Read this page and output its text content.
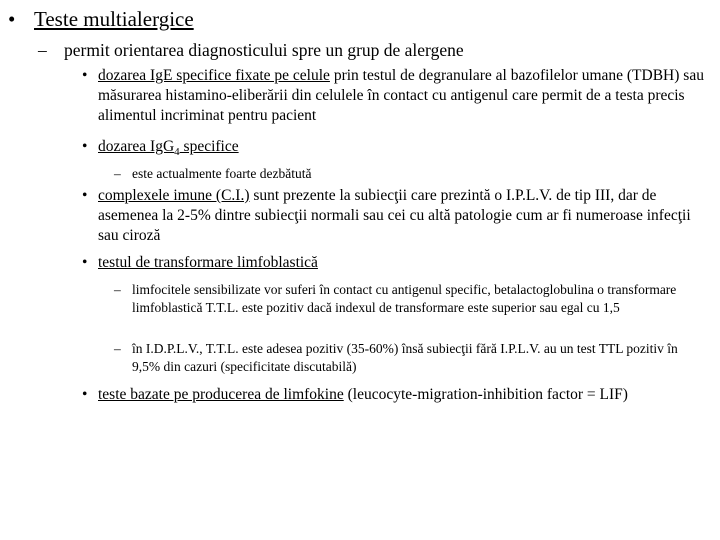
• Teste multialergice
– permit orientarea diagnosticului spre un grup de alergene
• dozarea IgE specifice fixate pe celule prin testul de degranulare al bazofilelor umane (TDBH) sau măsurarea histamino-eliberării din celulele în contact cu antigenul care permit de a testa precis alimentul incriminat pentru pacient
• dozarea IgG$_4$ specifice
– este actualmente foarte dezbătută
• complexele imune (C.I.) sunt prezente la subiecţii care prezintă o I.P.L.V. de tip III, dar de asemenea la 2-5% dintre subiecţii normali sau cei cu altă patologie cum ar fi numeroase infecţii sau ciroză
• testul de transformare limfoblastică
– limfocitele sensibilizate vor suferi în contact cu antigenul specific, betalactoglobulina o transformare limfoblastică T.T.L. este pozitiv dacă indexul de transformare este superior sau egal cu 1,5
– în I.D.P.L.V., T.T.L. este adesea pozitiv (35-60%) însă subiecţii fără I.P.L.V. au un test TTL pozitiv în 9,5% din cazuri (specificitate discutabilă)
• teste bazate pe producerea de limfokine (leucocyte-migration-inhibition factor = LIF)
